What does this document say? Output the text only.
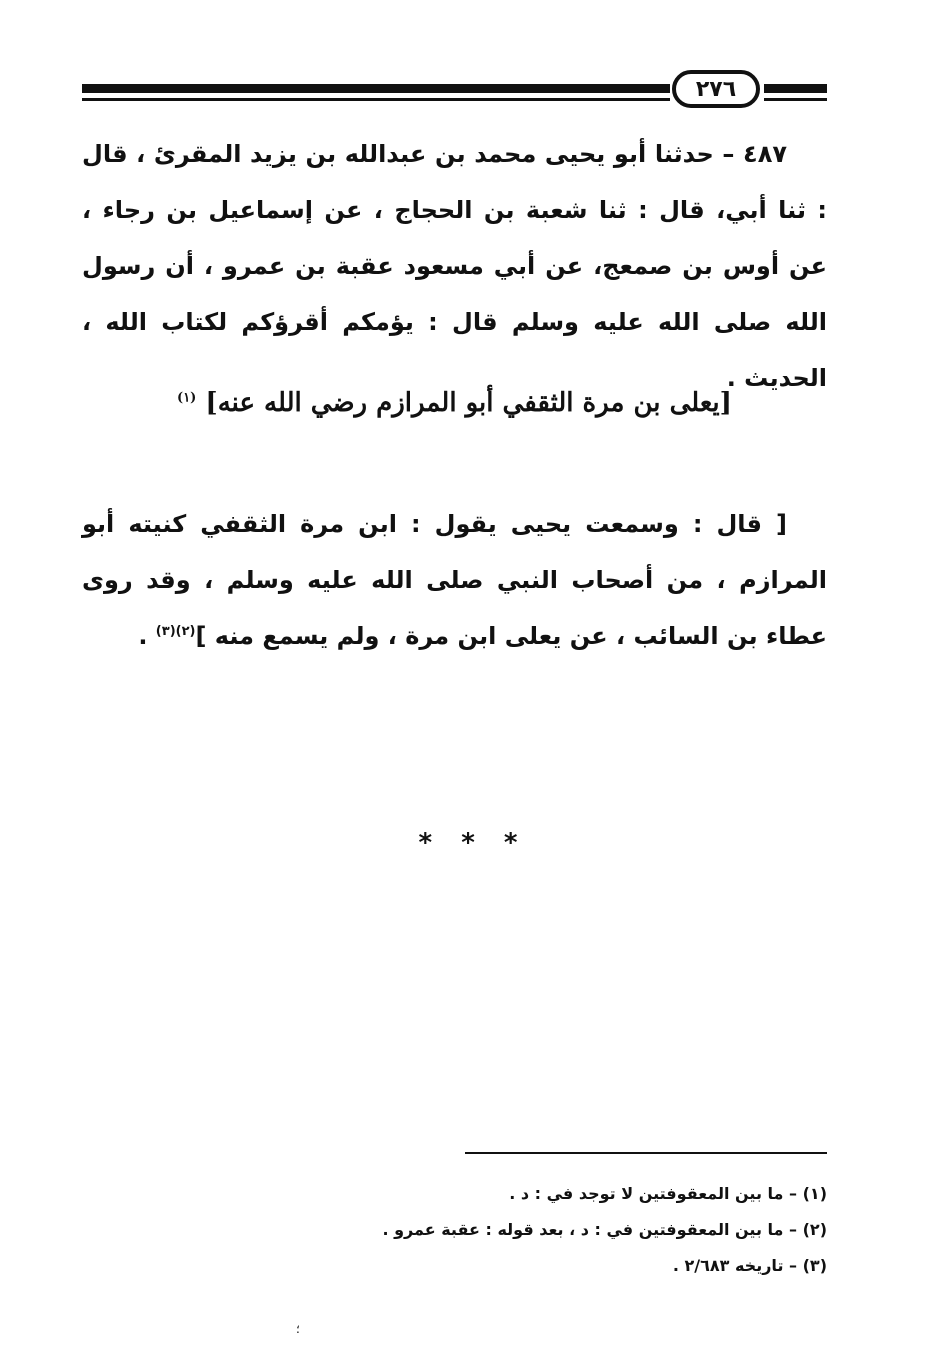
٢٧٦
٤٨٧ – حدثنا أبو يحيى محمد بن عبدالله بن يزيد المقرئ ، قال : ثنا أبي، قال : ثنا شعبة بن الحجاج ، عن إسماعيل بن رجاء ، عن أوس بن صمعج، عن أبي مسعود عقبة بن عمرو ، أن رسول الله صلى الله عليه وسلم قال : يؤمكم أقرؤكم لكتاب الله ، الحديث .
[يعلى بن مرة الثقفي أبو المرازم رضي الله عنه] $^{(١)}$
[ قال : وسمعت يحيى يقول : ابن مرة الثقفي كنيته أبو المرازم ، من أصحاب النبي صلى الله عليه وسلم ، وقد روى عطاء بن السائب ، عن يعلى ابن مرة ، ولم يسمع منه ]$^{(٢)(٣)}$ .
* * *
(١) – ما بين المعقوفتين لا توجد في : د .
(٢) – ما بين المعقوفتين في : د ، بعد قوله : عقبة عمرو .
(٣) – تاريخه ٢/٦٨٣ .
؛
